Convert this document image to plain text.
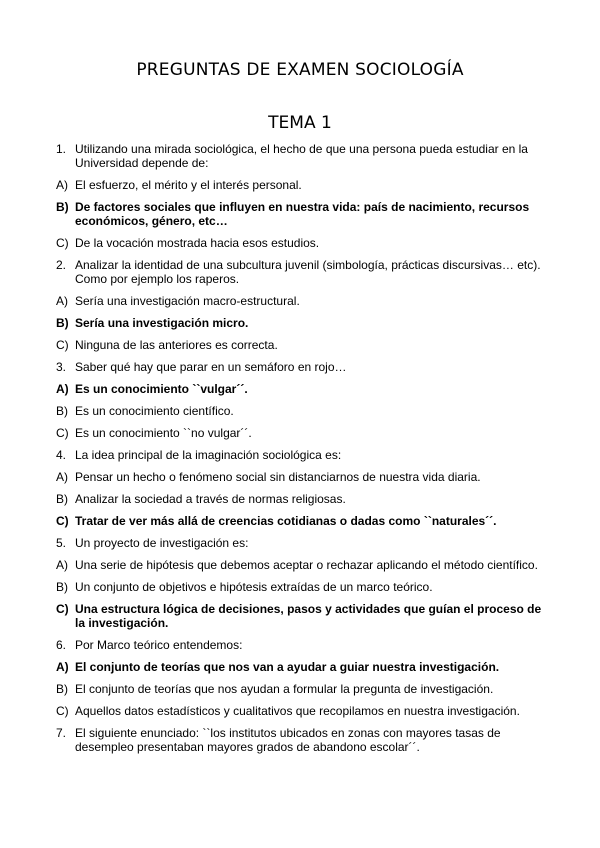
PREGUNTAS DE EXAMEN SOCIOLOGÍA
TEMA 1
1. Utilizando una mirada sociológica, el hecho de que una persona pueda estudiar en la Universidad depende de:
A) El esfuerzo, el mérito y el interés personal.
B) De factores sociales que influyen en nuestra vida: país de nacimiento, recursos económicos, género, etc…
C) De la vocación mostrada hacia esos estudios.
2. Analizar la identidad de una subcultura juvenil (simbología, prácticas discursivas… etc). Como por ejemplo los raperos.
A) Sería una investigación macro-estructural.
B) Sería una investigación micro.
C) Ninguna de las anteriores es correcta.
3. Saber qué hay que parar en un semáforo en rojo…
A) Es un conocimiento ``vulgar´´.
B) Es un conocimiento científico.
C) Es un conocimiento ``no vulgar´´.
4. La idea principal de la imaginación sociológica es:
A) Pensar un hecho o fenómeno social sin distanciarnos de nuestra vida diaria.
B) Analizar la sociedad a través de normas religiosas.
C) Tratar de ver más allá de creencias cotidianas o dadas como ``naturales´´.
5. Un proyecto de investigación es:
A) Una serie de hipótesis que debemos aceptar o rechazar aplicando el método científico.
B) Un conjunto de objetivos e hipótesis extraídas de un marco teórico.
C) Una estructura lógica de decisiones, pasos y actividades que guían el proceso de la investigación.
6. Por Marco teórico entendemos:
A) El conjunto de teorías que nos van a ayudar a guiar nuestra investigación.
B) El conjunto de teorías que nos ayudan a formular la pregunta de investigación.
C) Aquellos datos estadísticos y cualitativos que recopilamos en nuestra investigación.
7. El siguiente enunciado: ``los institutos ubicados en zonas con mayores tasas de desempleo presentaban mayores grados de abandono escolar´´.
